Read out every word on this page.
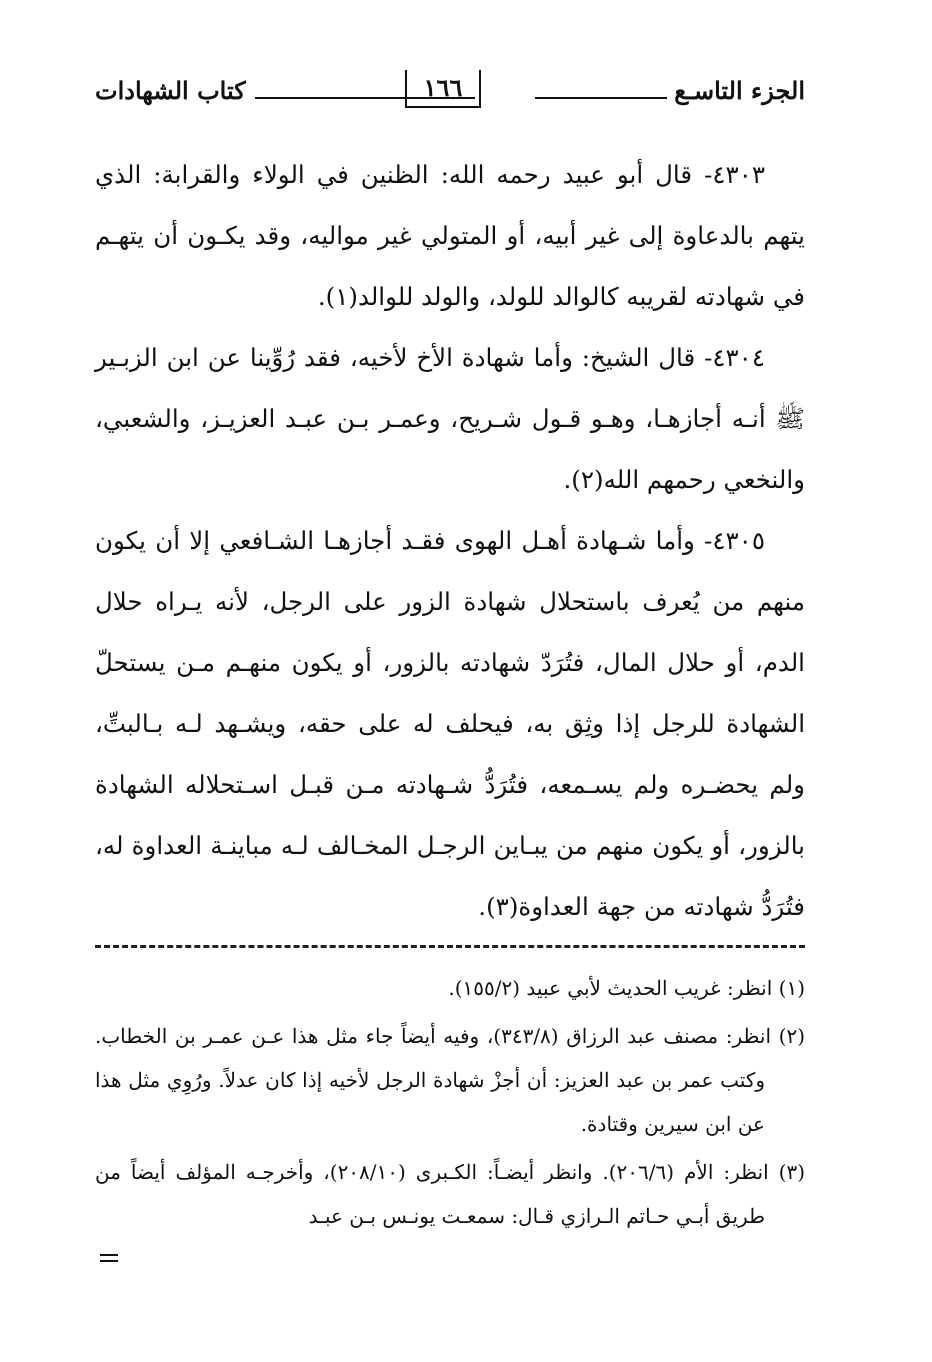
الجزء التاسـع
١٦٦
كتاب الشهادات

٤٣٠٣- قال أبو عبيد رحمه الله: الظنين في الولاء والقرابة: الذي يتهم بالدعاوة إلى غير أبيه، أو المتولي غير مواليه، وقد يكـون أن يتهـم في شهادته لقريبه كالوالد للولد، والولد للوالد(١).

٤٣٠٤- قال الشيخ: وأما شهادة الأخ لأخيه، فقد رُوِّينا عن ابن الزبـير ﷺ أنـه أجازهـا، وهـو قـول شـريح، وعمـر بـن عبـد العزيـز، والشعبي، والنخعي رحمهم الله(٢).

٤٣٠٥- وأما شـهادة أهـل الهوى فقـد أجازهـا الشـافعي إلا أن يكون منهم من يُعرف باستحلال شهادة الزور على الرجل، لأنه يـراه حلال الدم، أو حلال المال، فتُرَدّ شهادته بالزور، أو يكون منهـم مـن يستحلّ الشهادة للرجل إذا وثِق به، فيحلف له على حقه، ويشـهد لـه بـالبتِّ، ولم يحضـره ولم يسـمعه، فتُرَدُّ شـهادته مـن قبـل اسـتحلاله الشهادة بالزور، أو يكون منهم من يبـاين الرجـل المخـالف لـه مباينـة العداوة له، فتُرَدُّ شهادته من جهة العداوة(٣).

(١) انظر: غريب الحديث لأبي عبيد (١٥٥/٢).

(٢) انظر: مصنف عبد الرزاق (٣٤٣/٨)، وفيه أيضاً جاء مثل هذا عـن عمـر بن الخطاب. وكتب عمر بن عبد العزيز: أن أجزْ شهادة الرجل لأخيه إذا كان عدلاً. ورُوِي مثل هذا عن ابن سيرين وقتادة.

(٣) انظر: الأم (٢٠٦/٦). وانظر أيضـاً: الكـبرى (٢٠٨/١٠)، وأخرجـه المؤلف أيضاً من طريق أبـي حـاتم الـرازي قـال: سمعـت يونـس بـن عبـد
